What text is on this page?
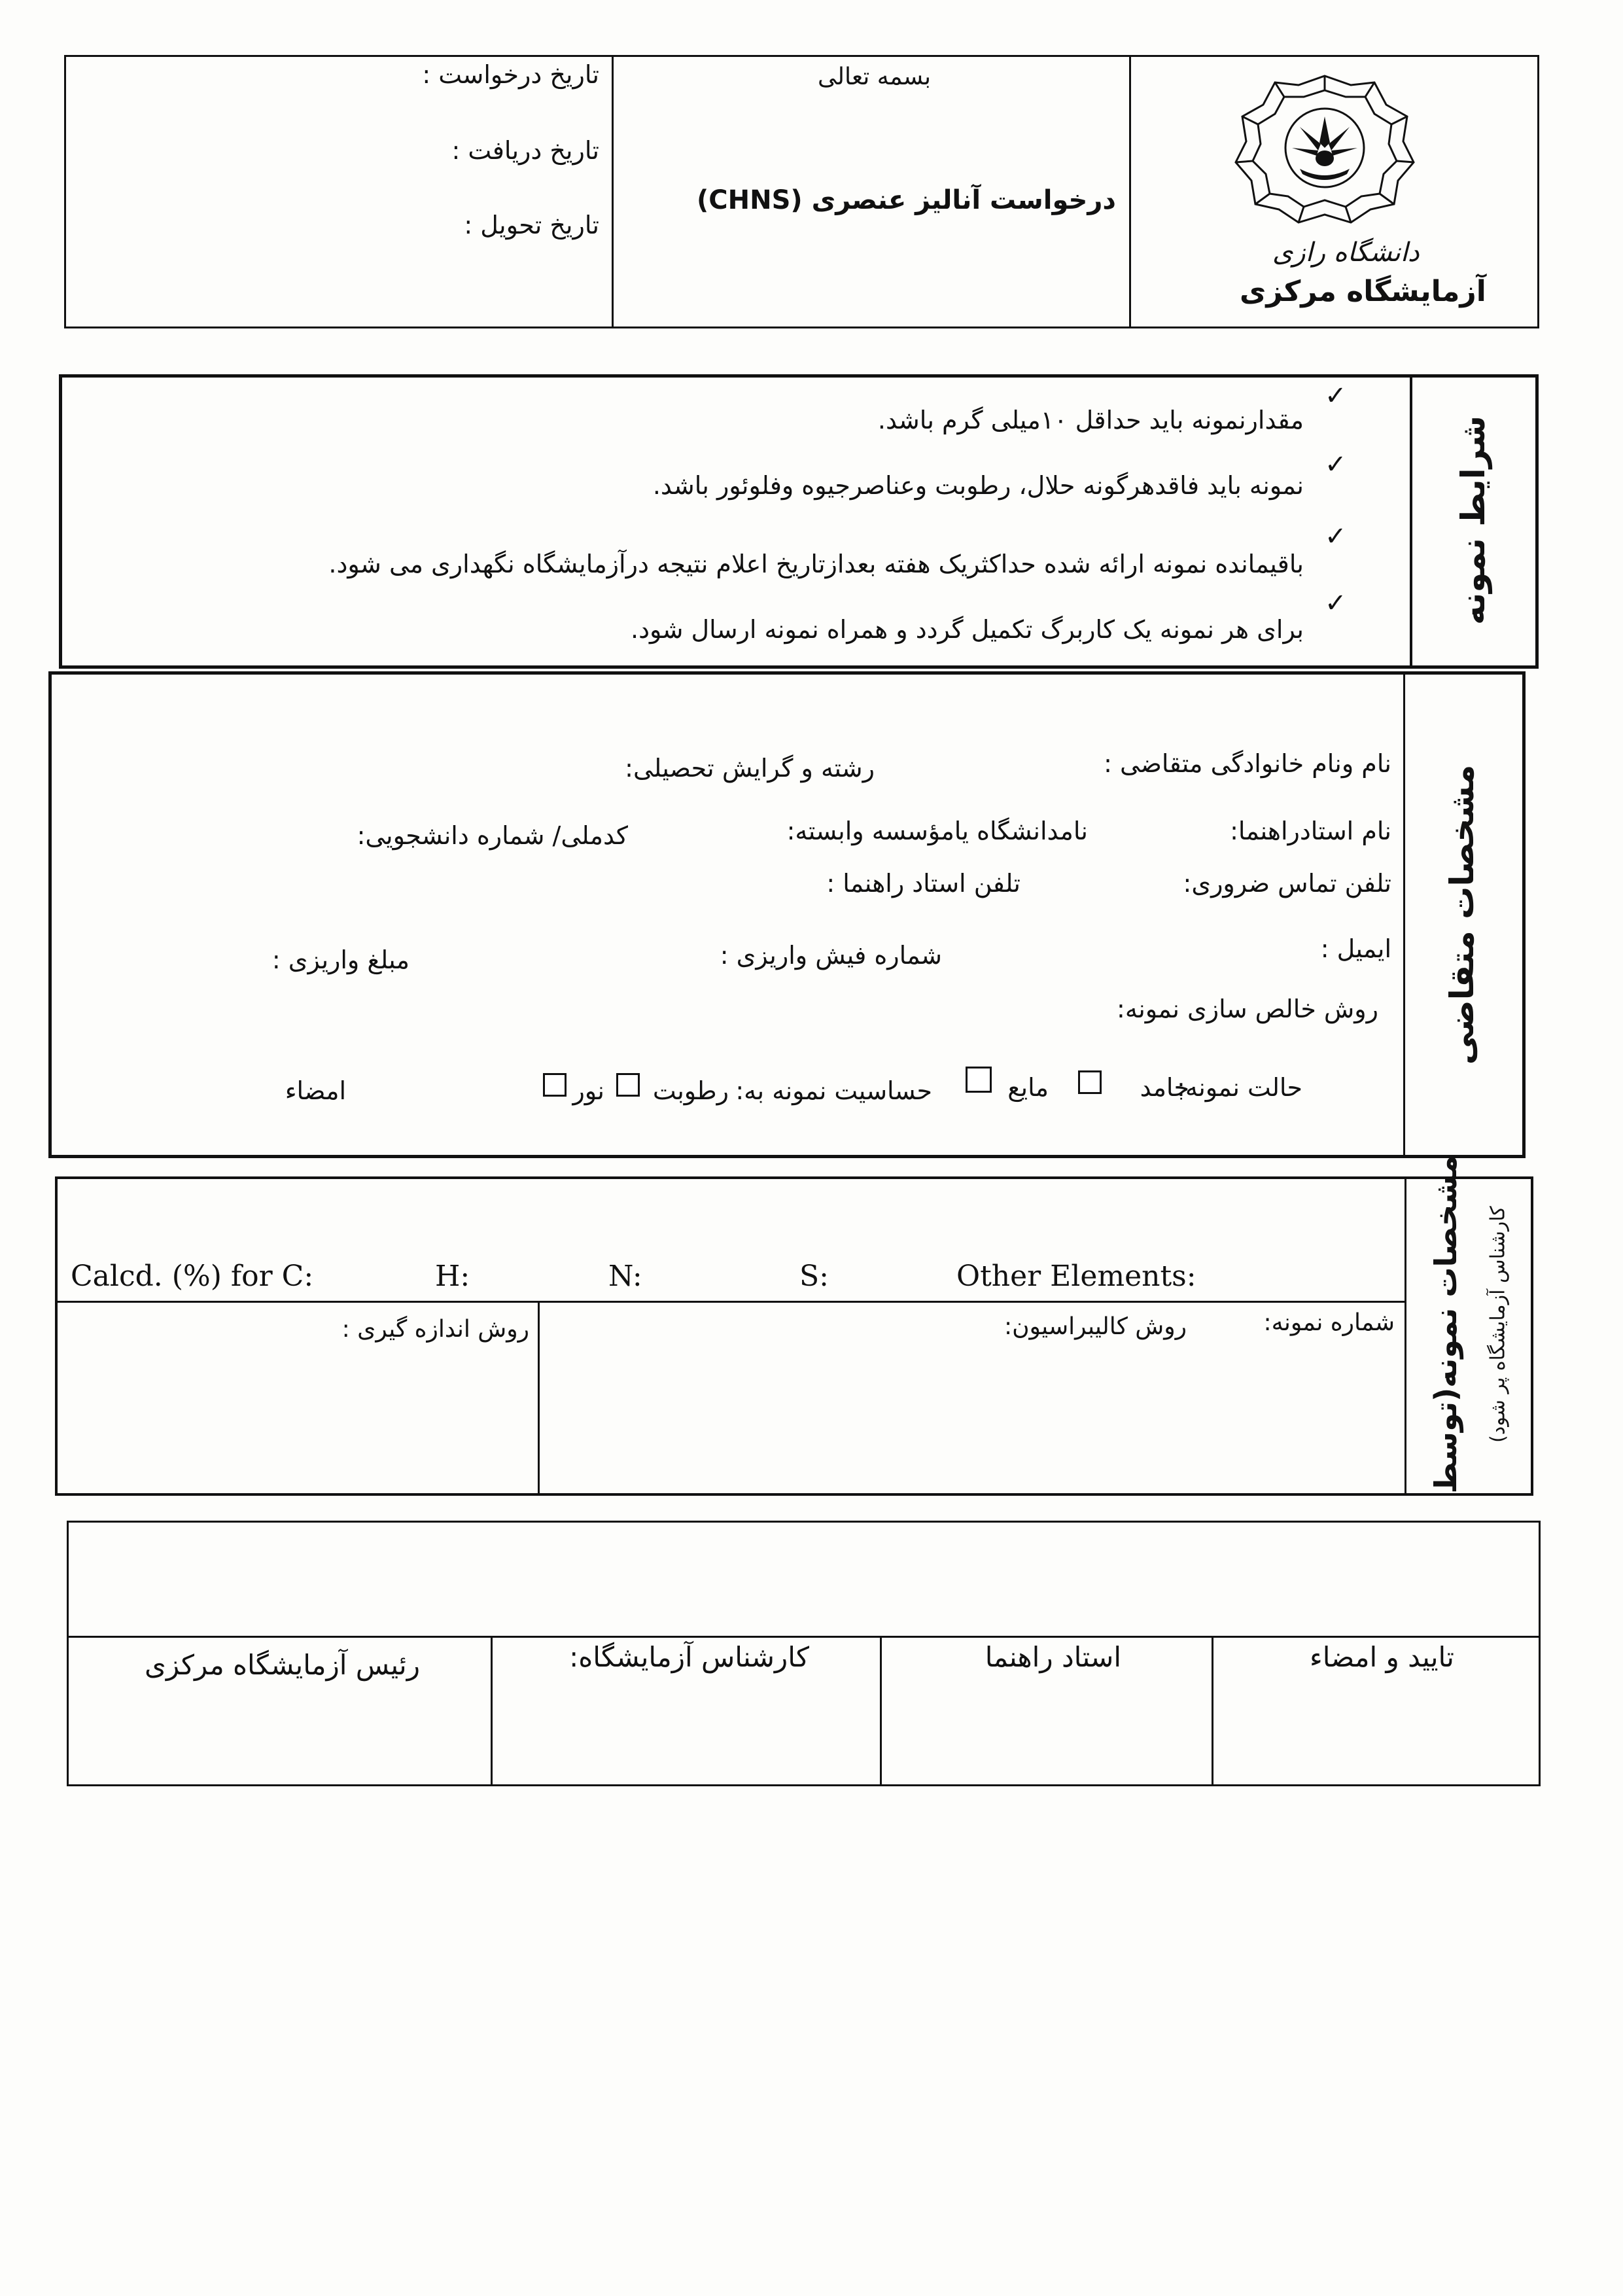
تاریخ درخواست :
تاریخ دریافت :
تاریخ تحویل :
بسمه تعالی
درخواست آنالیز عنصری (CHNS)
دانشگاه رازی
آزمایشگاه مرکزی
شرایط نمونه
✓
مقدارنمونه باید حداقل ۱۰میلی گرم باشد.
✓
نمونه باید فاقدهرگونه حلال، رطوبت وعناصرجیوه وفلوئور باشد.
✓
باقیمانده نمونه ارائه شده حداکثریک هفته بعدازتاریخ اعلام نتیجه درآزمایشگاه نگهداری می شود.
✓
برای هر نمونه یک کاربرگ تکمیل گردد و همراه نمونه ارسال شود.
مشخصات متقاضی
نام ونام خانوادگی متقاضی :
رشته و گرایش تحصیلی:
نام استادراهنما:
نامدانشگاه یامؤسسه وابسته:
کدملی/ شماره دانشجویی:
تلفن تماس ضروری:
تلفن استاد راهنما :
ایمیل :
شماره فیش واریزی :
مبلغ واریزی :
روش خالص سازی نمونه:
حالت نمونه:
جامد
مایع
حساسیت نمونه به:
رطوبت
نور
امضاء
مشخصات نمونه(توسط کارشناس آزمایشگاه پر شود)
Calcd. (%) for C:	H:	N:	S:	Other Elements:
شماره نمونه:
روش کالیبراسیون:
روش اندازه گیری :
تایید و امضاء
استاد راهنما
کارشناس آزمایشگاه:
رئیس آزمایشگاه مرکزی
